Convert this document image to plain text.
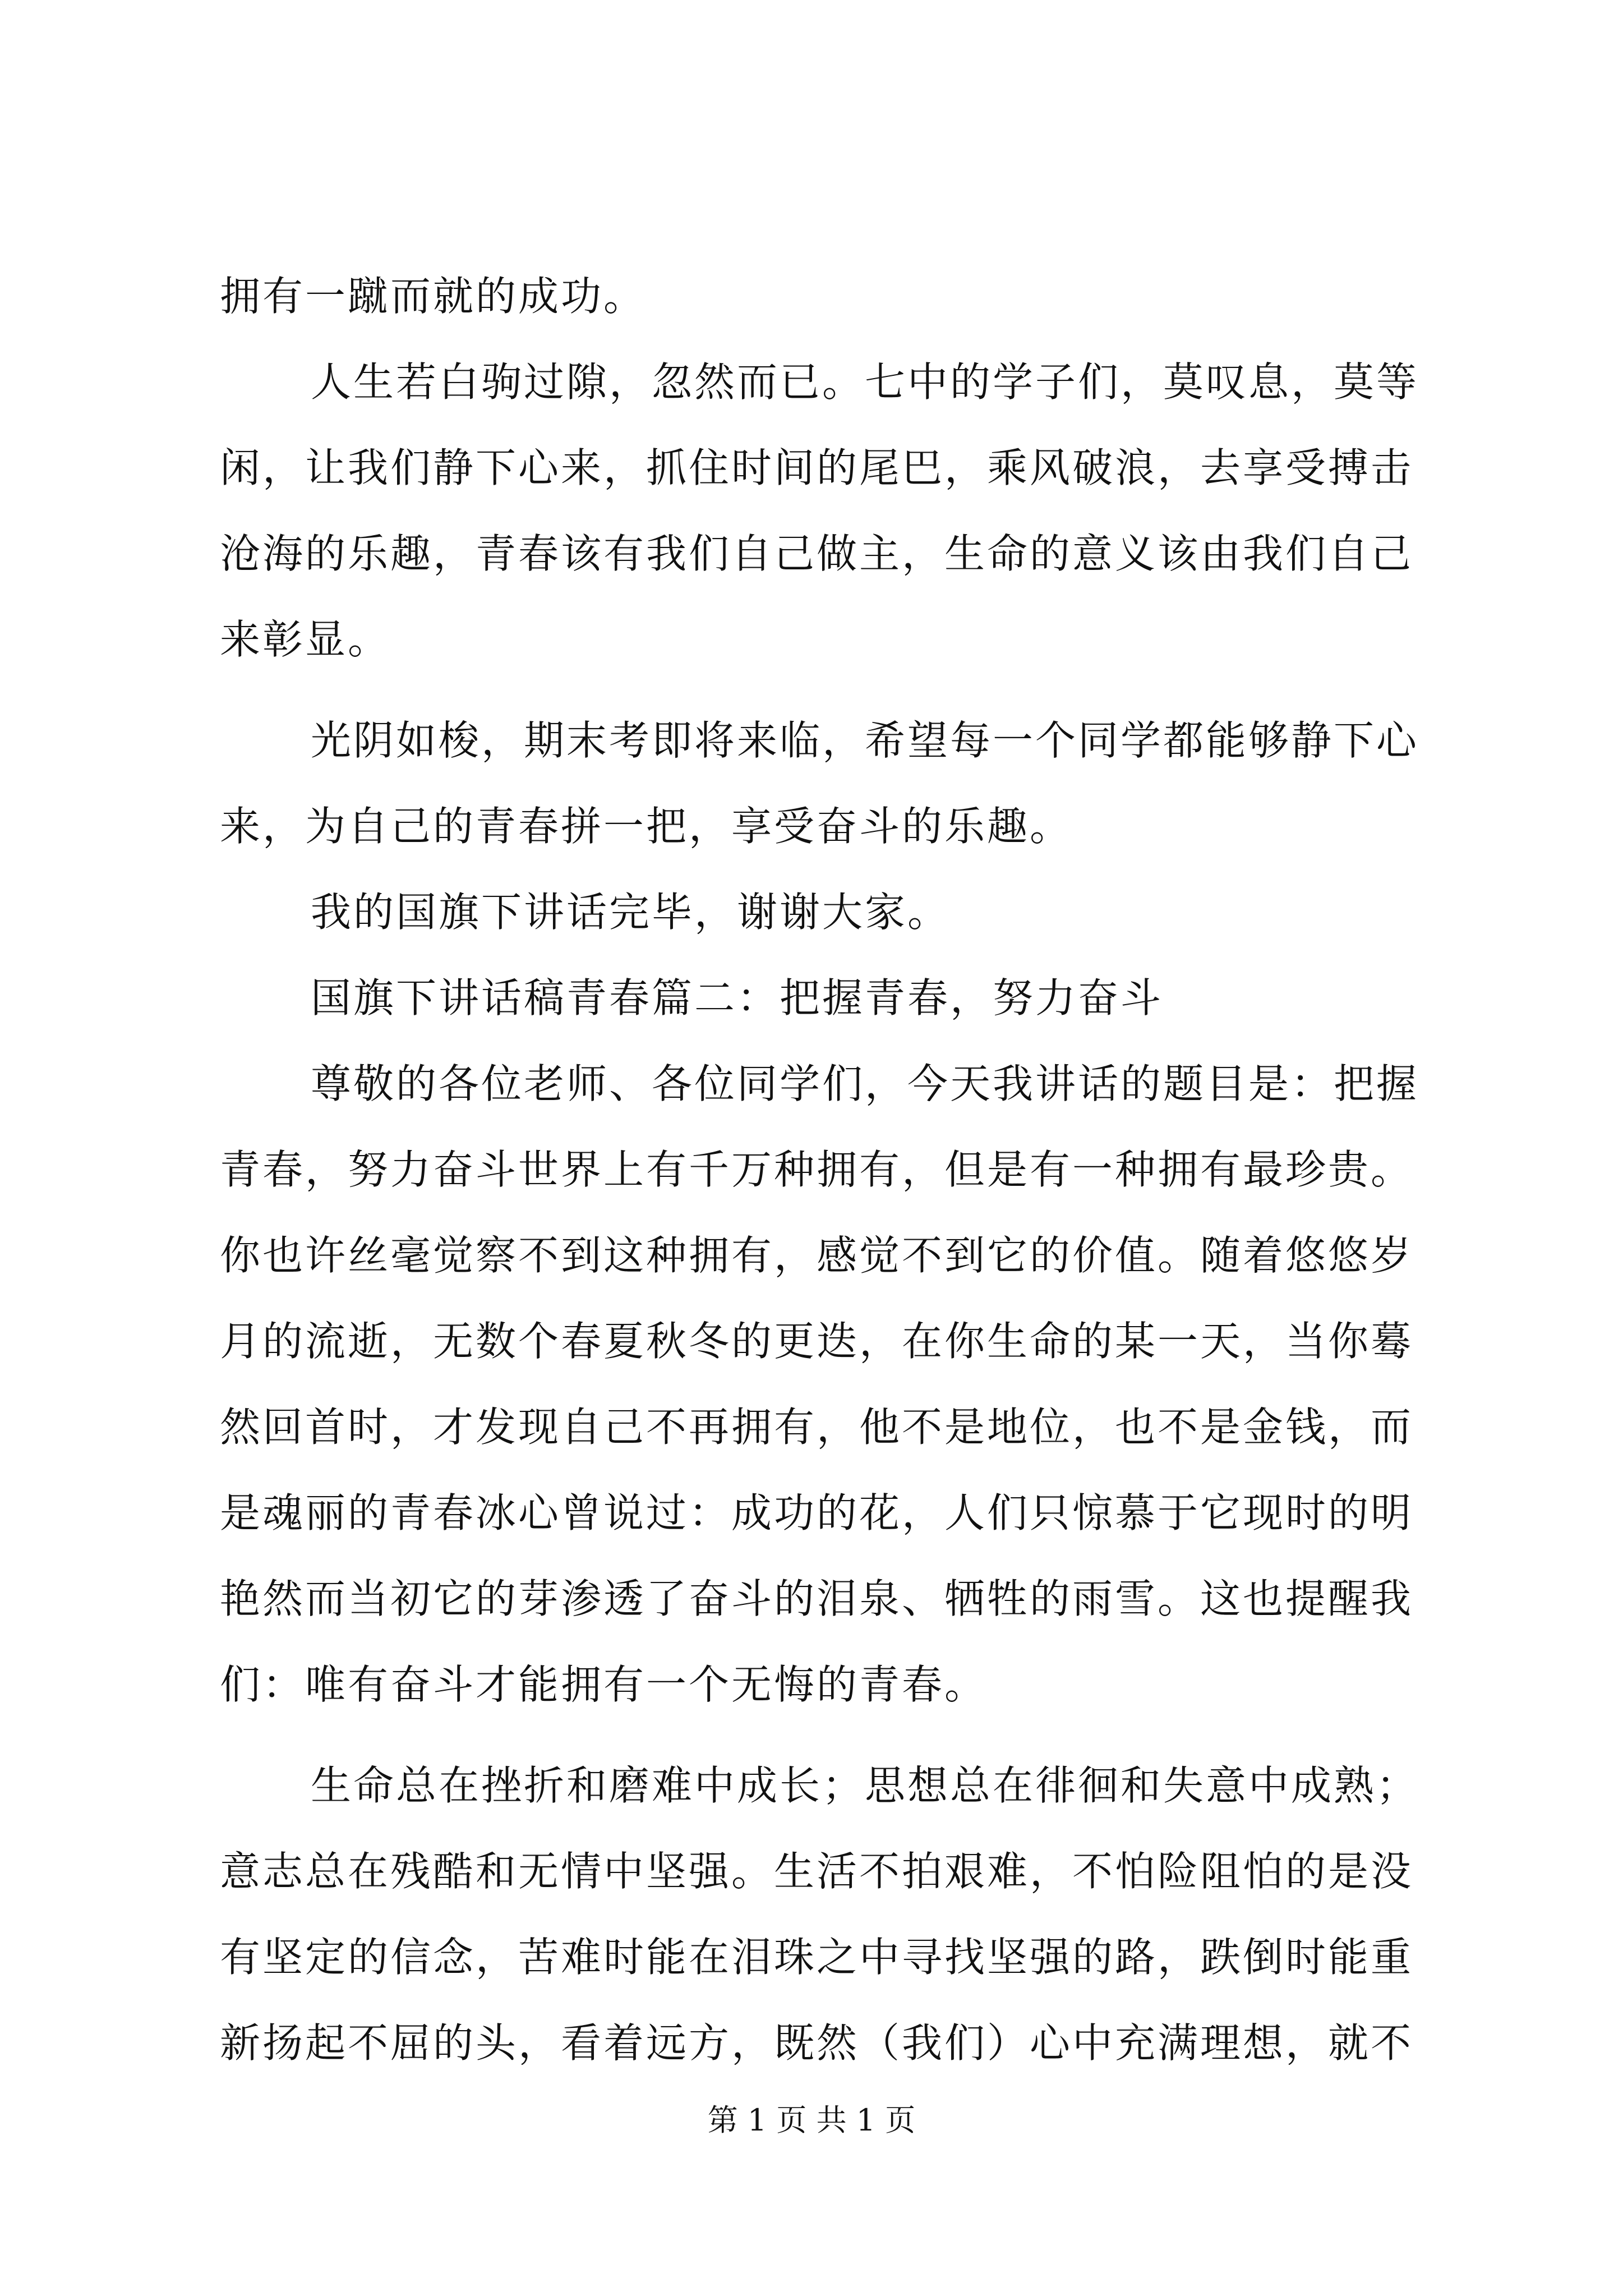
拥有一蹴而就的成功。
人生若白驹过隙，忽然而已。七中的学子们，莫叹息，莫等
闲，让我们静下心来，抓住时间的尾巴，乘风破浪，去享受搏击
沧海的乐趣，青春该有我们自己做主，生命的意义该由我们自己
来彰显。
光阴如梭，期末考即将来临，希望每一个同学都能够静下心
来，为自己的青春拼一把，享受奋斗的乐趣。
我的国旗下讲话完毕，谢谢大家。
国旗下讲话稿青春篇二：把握青春，努力奋斗
尊敬的各位老师、各位同学们，今天我讲话的题目是：把握
青春，努力奋斗世界上有千万种拥有，但是有一种拥有最珍贵。
你也许丝毫觉察不到这种拥有，感觉不到它的价值。随着悠悠岁
月的流逝，无数个春夏秋冬的更迭，在你生命的某一天，当你蓦
然回首时，才发现自己不再拥有，他不是地位，也不是金钱，而
是魂丽的青春冰心曾说过：成功的花，人们只惊慕于它现时的明
艳然而当初它的芽渗透了奋斗的泪泉、牺牲的雨雪。这也提醒我
们：唯有奋斗才能拥有一个无悔的青春。
生命总在挫折和磨难中成长；思想总在徘徊和失意中成熟；
意志总在残酷和无情中坚强。生活不拍艰难，不怕险阻怕的是没
有坚定的信念，苦难时能在泪珠之中寻找坚强的路，跌倒时能重
新扬起不屈的头，看着远方，既然（我们）心中充满理想，就不
第 1 页 共 1 页
